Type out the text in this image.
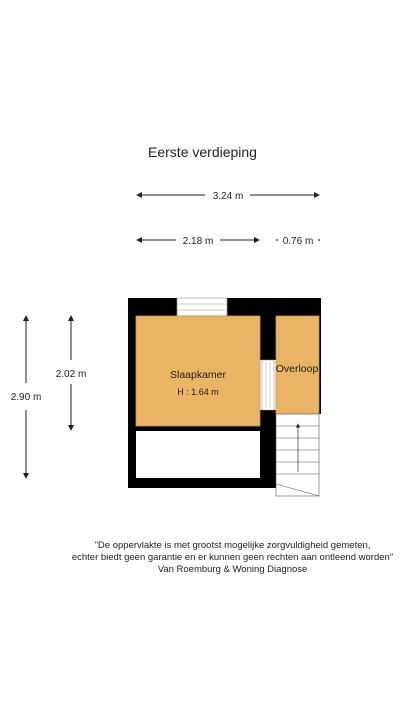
Eerste verdieping
3.24 m
2.18 m	0.76 m
2.90 m
2.02 m	Slaapkamer
H : 1.64 m
Overloop
"De oppervlakte is met grootst mogelijke zorgvuldigheid gemeten,
echter biedt geen garantie en er kunnen geen rechten aan ontleend worden"
Van Roemburg & Woning Diagnose
